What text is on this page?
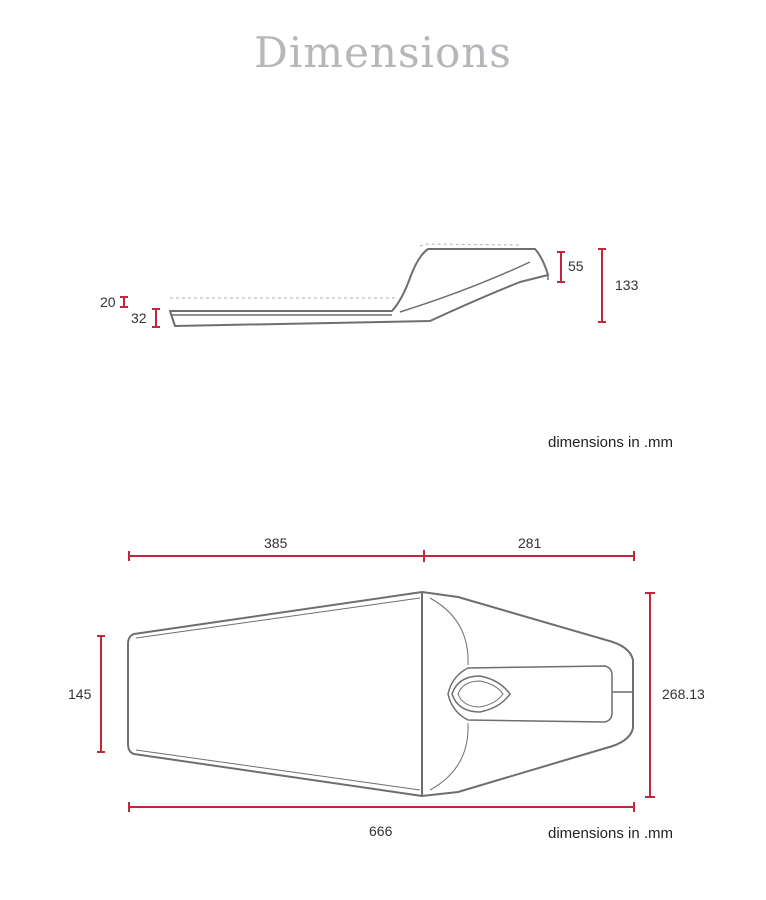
Dimensions
20
32
55
133
dimensions in .mm
385	281
145	268.13
666	dimensions in .mm
